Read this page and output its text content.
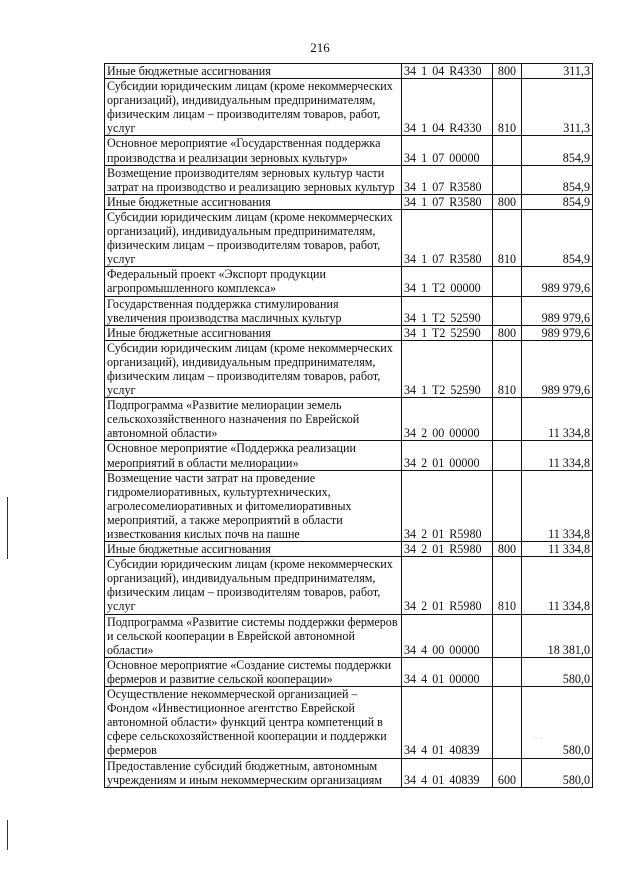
216
·  ·
Иные бюджетные ассигнования	34 1 04 R4330	800	311,3
Субсидии юридическим лицам (кроме некоммерческих организаций), индивидуальным предпринимателям, физическим лицам – производителям товаров, работ, услуг	34 1 04 R4330	810	311,3
Основное мероприятие «Государственная поддержка производства и реализации зерновых культур»	34 1 07 00000		854,9
Возмещение производителям зерновых культур части затрат на производство и реализацию зерновых культур	34 1 07 R3580		854,9
Иные бюджетные ассигнования	34 1 07 R3580	800	854,9
Субсидии юридическим лицам (кроме некоммерческих организаций), индивидуальным предпринимателям, физическим лицам – производителям товаров, работ, услуг	34 1 07 R3580	810	854,9
Федеральный проект «Экспорт продукции агропромышленного комплекса»	34 1 T2 00000		989 979,6
Государственная поддержка стимулирования увеличения производства масличных культур	34 1 T2 52590		989 979,6
Иные бюджетные ассигнования	34 1 T2 52590	800	989 979,6
Субсидии юридическим лицам (кроме некоммерческих организаций), индивидуальным предпринимателям, физическим лицам – производителям товаров, работ, услуг	34 1 T2 52590	810	989 979,6
Подпрограмма «Развитие мелиорации земель сельскохозяйственного назначения по Еврейской автономной области»	34 2 00 00000		11 334,8
Основное мероприятие «Поддержка реализации мероприятий в области мелиорации»	34 2 01 00000		11 334,8
Возмещение части затрат на проведение гидромелиоративных, культуртехнических, агролесомелиоративных и фитомелиоративных мероприятий, а также мероприятий в области известкования кислых почв на пашне	34 2 01 R5980		11 334,8
Иные бюджетные ассигнования	34 2 01 R5980	800	11 334,8
Субсидии юридическим лицам (кроме некоммерческих организаций), индивидуальным предпринимателям, физическим лицам – производителям товаров, работ, услуг	34 2 01 R5980	810	11 334,8
Подпрограмма «Развитие системы поддержки фермеров и сельской кооперации в Еврейской автономной области»	34 4 00 00000		18 381,0
Основное мероприятие «Создание системы поддержки фермеров и развитие сельской кооперации»	34 4 01 00000		580,0
Осуществление некоммерческой организацией – Фондом «Инвестиционное агентство Еврейской автономной области» функций центра компетенций в сфере сельскохозяйственной кооперации и поддержки фермеров	34 4 01 40839		580,0
Предоставление субсидий бюджетным, автономным учреждениям и иным некоммерческим организациям	34 4 01 40839	600	580,0
